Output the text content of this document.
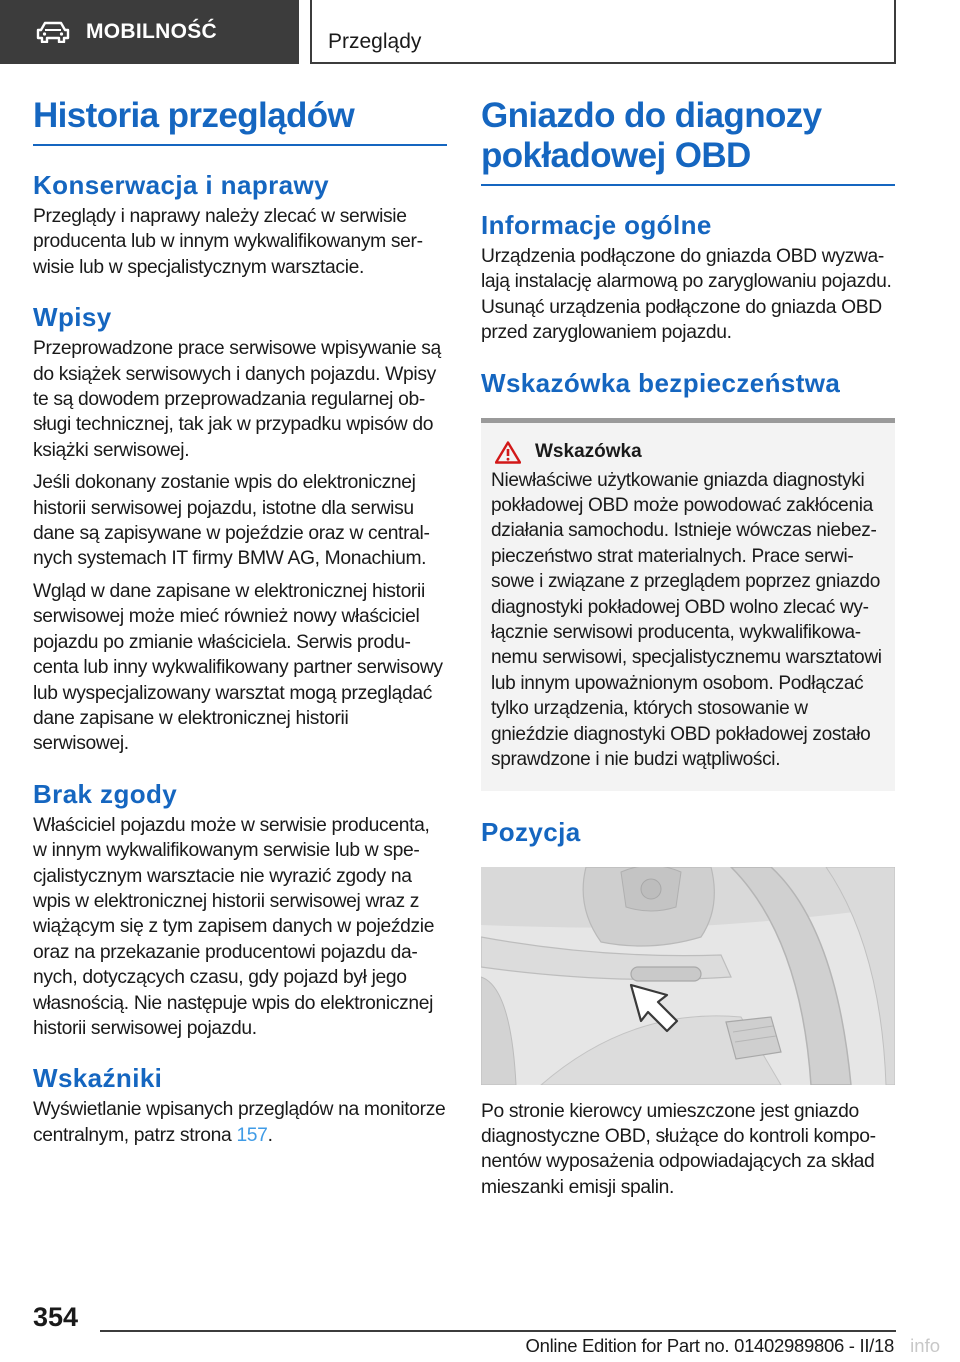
MOBILNOŚĆ	Przeglądy
Historia przeglądów
Konserwacja i naprawy

Przeglądy i naprawy należy zlecać w serwisie producenta lub w innym wykwalifikowanym serwisie lub w specjalistycznym warsztacie.

Wpisy

Przeprowadzone prace serwisowe wpisywanie są do książek serwisowych i danych pojazdu. Wpisy te są dowodem przeprowadzania regularnej obsługi technicznej, tak jak w przypadku wpisów do książki serwisowej.

Jeśli dokonany zostanie wpis do elektronicznej historii serwisowej pojazdu, istotne dla serwisu dane są zapisywane w pojeździe oraz w centralnych systemach IT firmy BMW AG, Monachium.

Wgląd w dane zapisane w elektronicznej historii serwisowej może mieć również nowy właściciel pojazdu po zmianie właściciela. Serwis producenta lub inny wykwalifikowany partner serwisowy lub wyspecjalizowany warsztat mogą przeglądać dane zapisane w elektronicznej historii serwisowej.

Brak zgody

Właściciel pojazdu może w serwisie producenta, w innym wykwalifikowanym serwisie lub w specjalistycznym warsztacie nie wyrazić zgody na wpis w elektronicznej historii serwisowej wraz z wiążącym się z tym zapisem danych w pojeździe oraz na przekazanie producentowi pojazdu danych, dotyczących czasu, gdy pojazd był jego własnością. Nie następuje wpis do elektronicznej historii serwisowej pojazdu.

Wskaźniki

Wyświetlanie wpisanych przeglądów na monitorze centralnym, patrz strona 157.

Gniazdo do diagnozy pokładowej OBD
Informacje ogólne

Urządzenia podłączone do gniazda OBD wyzwalają instalację alarmową po zaryglowaniu pojazdu. Usunąć urządzenia podłączone do gniazda OBD przed zaryglowaniem pojazdu.

Wskazówka bezpieczeństwa
Wskazówka

Niewłaściwe użytkowanie gniazda diagnostyki pokładowej OBD może powodować zakłócenia działania samochodu. Istnieje wówczas niebezpieczeństwo strat materialnych. Prace serwisowe i związane z przeglądem poprzez gniazdo diagnostyki pokładowej OBD wolno zlecać wyłącznie serwisowi producenta, wykwalifikowanemu serwisowi, specjalistycznemu warsztatowi lub innym upoważnionym osobom. Podłączać tylko urządzenia, których stosowanie w gnieździe diagnostyki OBD pokładowej zostało sprawdzone i nie budzi wątpliwości.

Pozycja

Po stronie kierowcy umieszczone jest gniazdo diagnostyczne OBD, służące do kontroli komponentów wyposażenia odpowiadających za skład mieszanki emisji spalin.

354
Online Edition for Part no. 01402989806 - II/18 info
